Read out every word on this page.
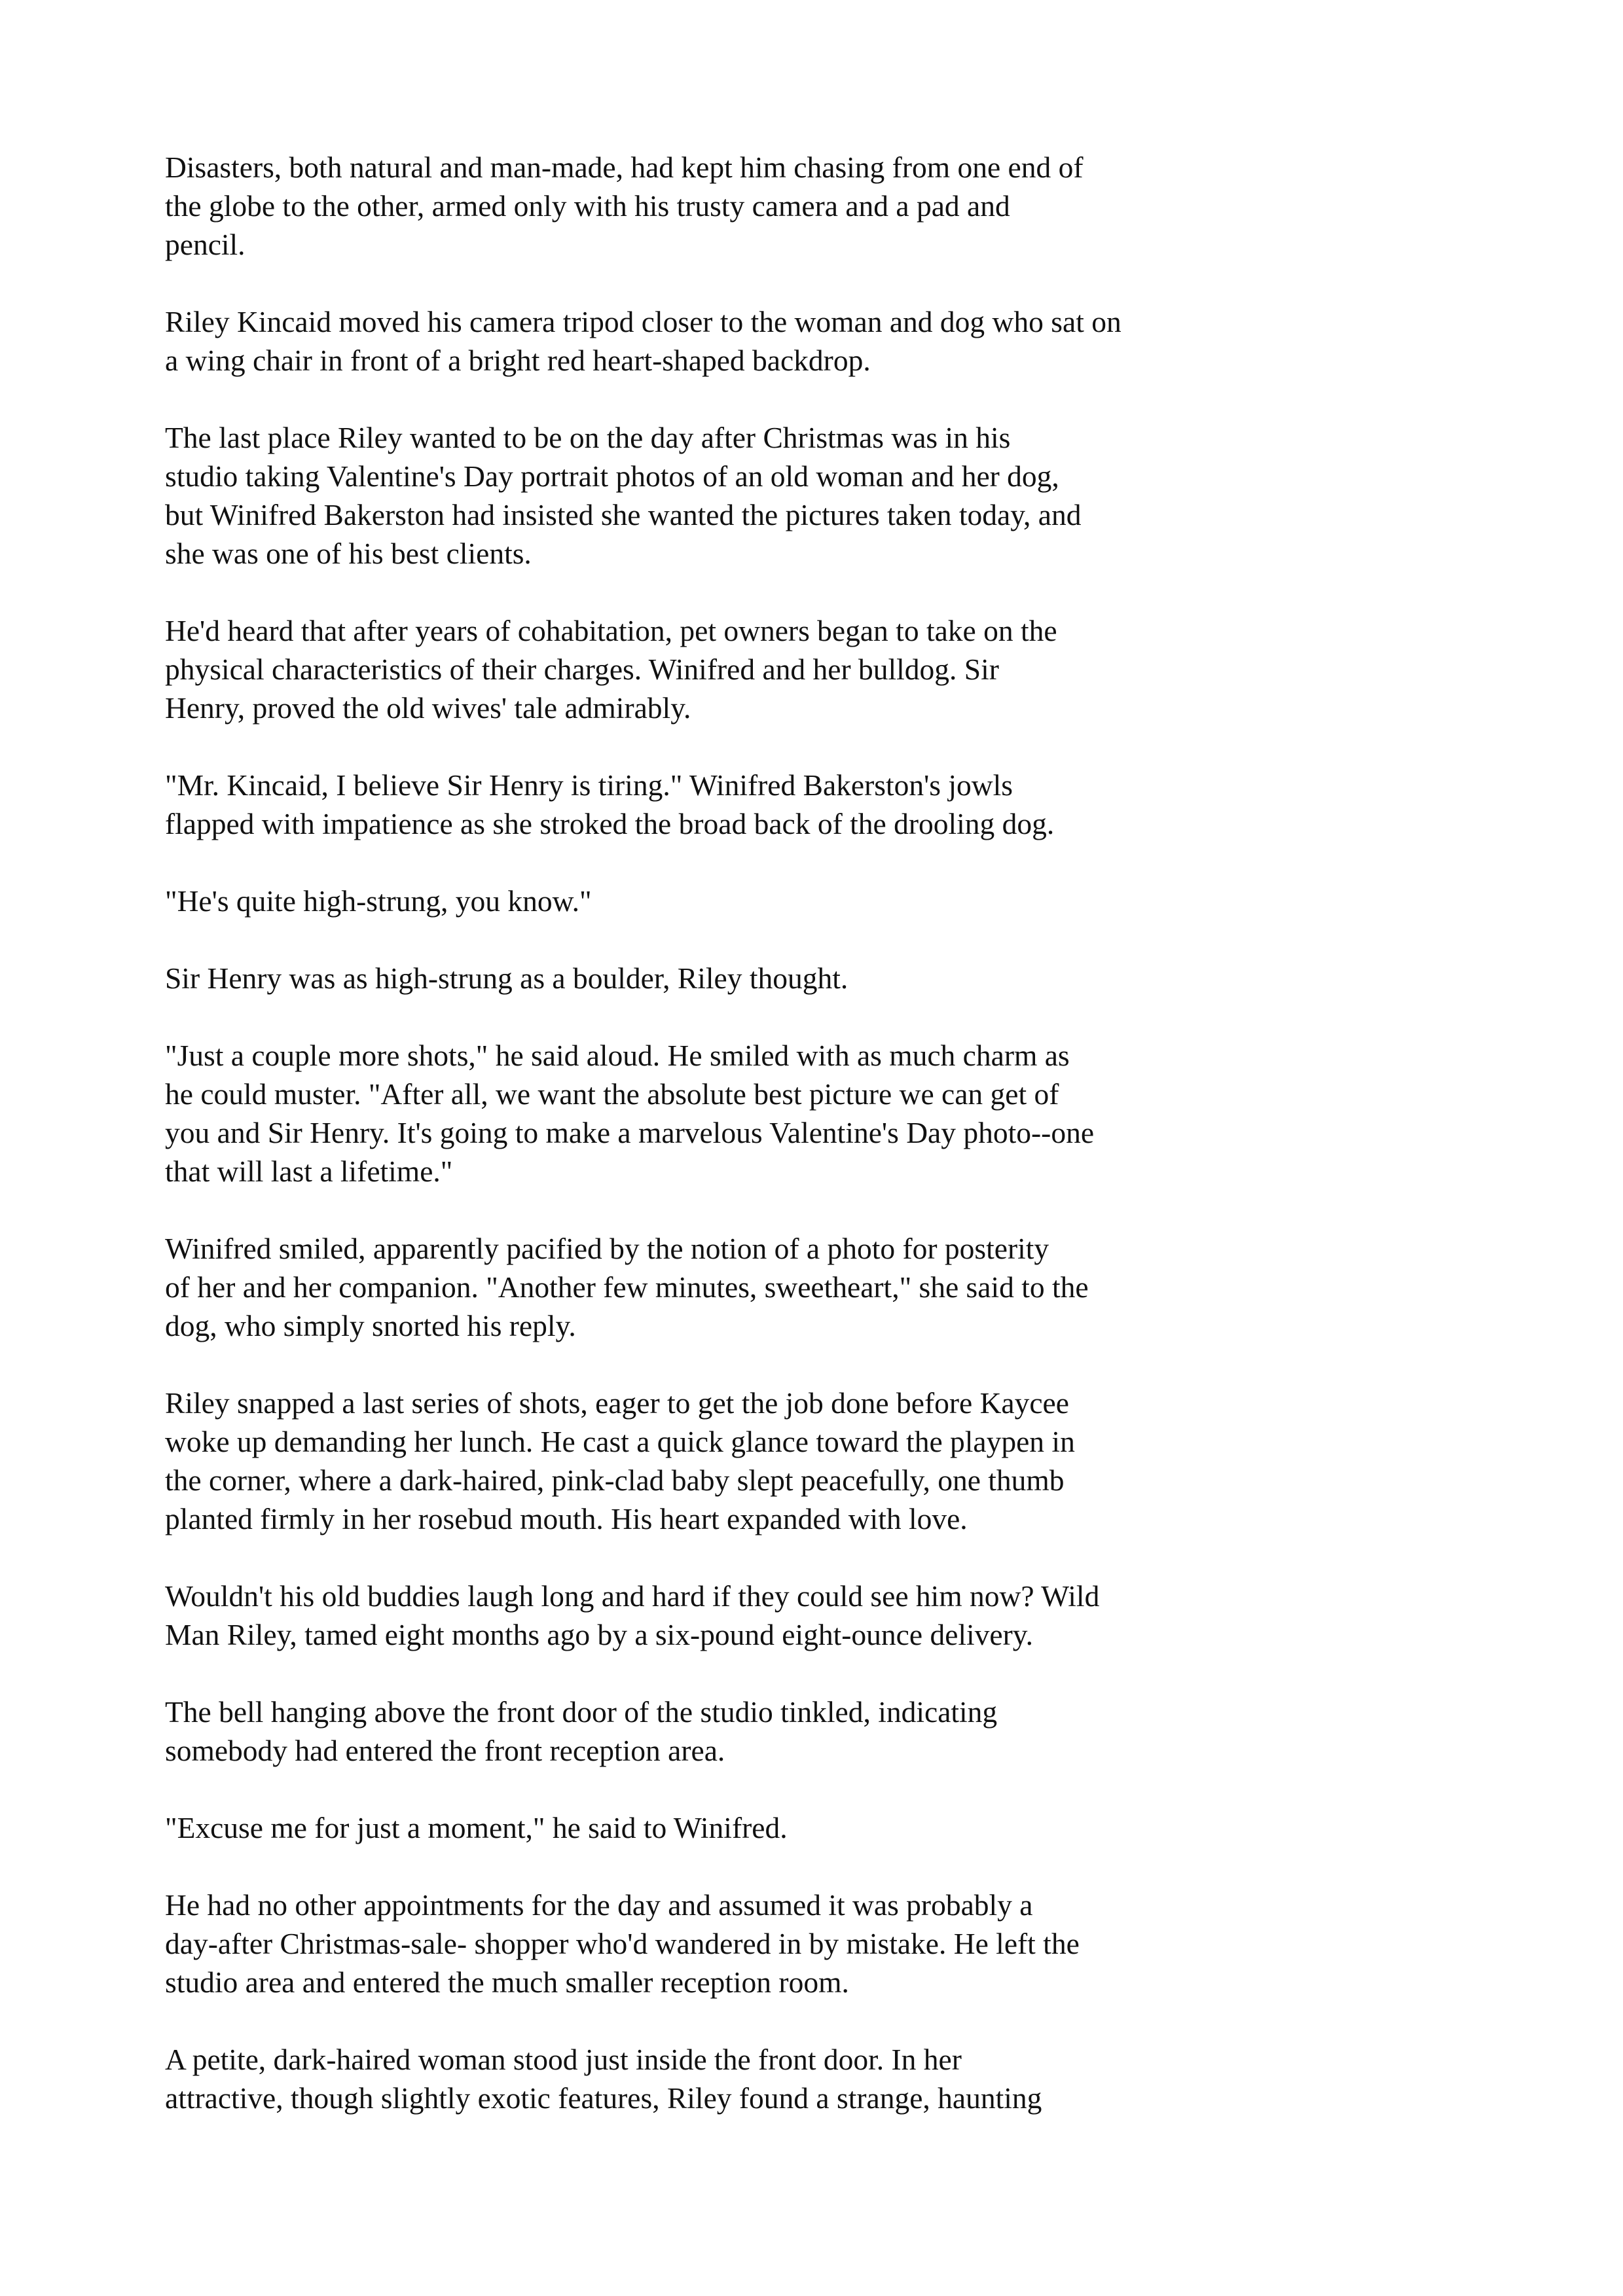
Disasters, both natural and man-made, had kept him chasing from one end of
the globe to the other, armed only with his trusty camera and a pad and
pencil.

Riley Kincaid moved his camera tripod closer to the woman and dog who sat on
a wing chair in front of a bright red heart-shaped backdrop.

The last place Riley wanted to be on the day after Christmas was in his
studio taking Valentine's Day portrait photos of an old woman and her dog,
but Winifred Bakerston had insisted she wanted the pictures taken today, and
she was one of his best clients.

He'd heard that after years of cohabitation, pet owners began to take on the
physical characteristics of their charges. Winifred and her bulldog. Sir
Henry, proved the old wives' tale admirably.

"Mr. Kincaid, I believe Sir Henry is tiring." Winifred Bakerston's jowls
flapped with impatience as she stroked the broad back of the drooling dog.

"He's quite high-strung, you know."

Sir Henry was as high-strung as a boulder, Riley thought.

"Just a couple more shots," he said aloud. He smiled with as much charm as
he could muster. "After all, we want the absolute best picture we can get of
you and Sir Henry. It's going to make a marvelous Valentine's Day photo--one
that will last a lifetime."

Winifred smiled, apparently pacified by the notion of a photo for posterity
of her and her companion. "Another few minutes, sweetheart," she said to the
dog, who simply snorted his reply.

Riley snapped a last series of shots, eager to get the job done before Kaycee
woke up demanding her lunch. He cast a quick glance toward the playpen in
the corner, where a dark-haired, pink-clad baby slept peacefully, one thumb
planted firmly in her rosebud mouth. His heart expanded with love.

Wouldn't his old buddies laugh long and hard if they could see him now? Wild
Man Riley, tamed eight months ago by a six-pound eight-ounce delivery.

The bell hanging above the front door of the studio tinkled, indicating
somebody had entered the front reception area.

"Excuse me for just a moment," he said to Winifred.

He had no other appointments for the day and assumed it was probably a
day-after Christmas-sale- shopper who'd wandered in by mistake. He left the
studio area and entered the much smaller reception room.

A petite, dark-haired woman stood just inside the front door. In her
attractive, though slightly exotic features, Riley found a strange, haunting
